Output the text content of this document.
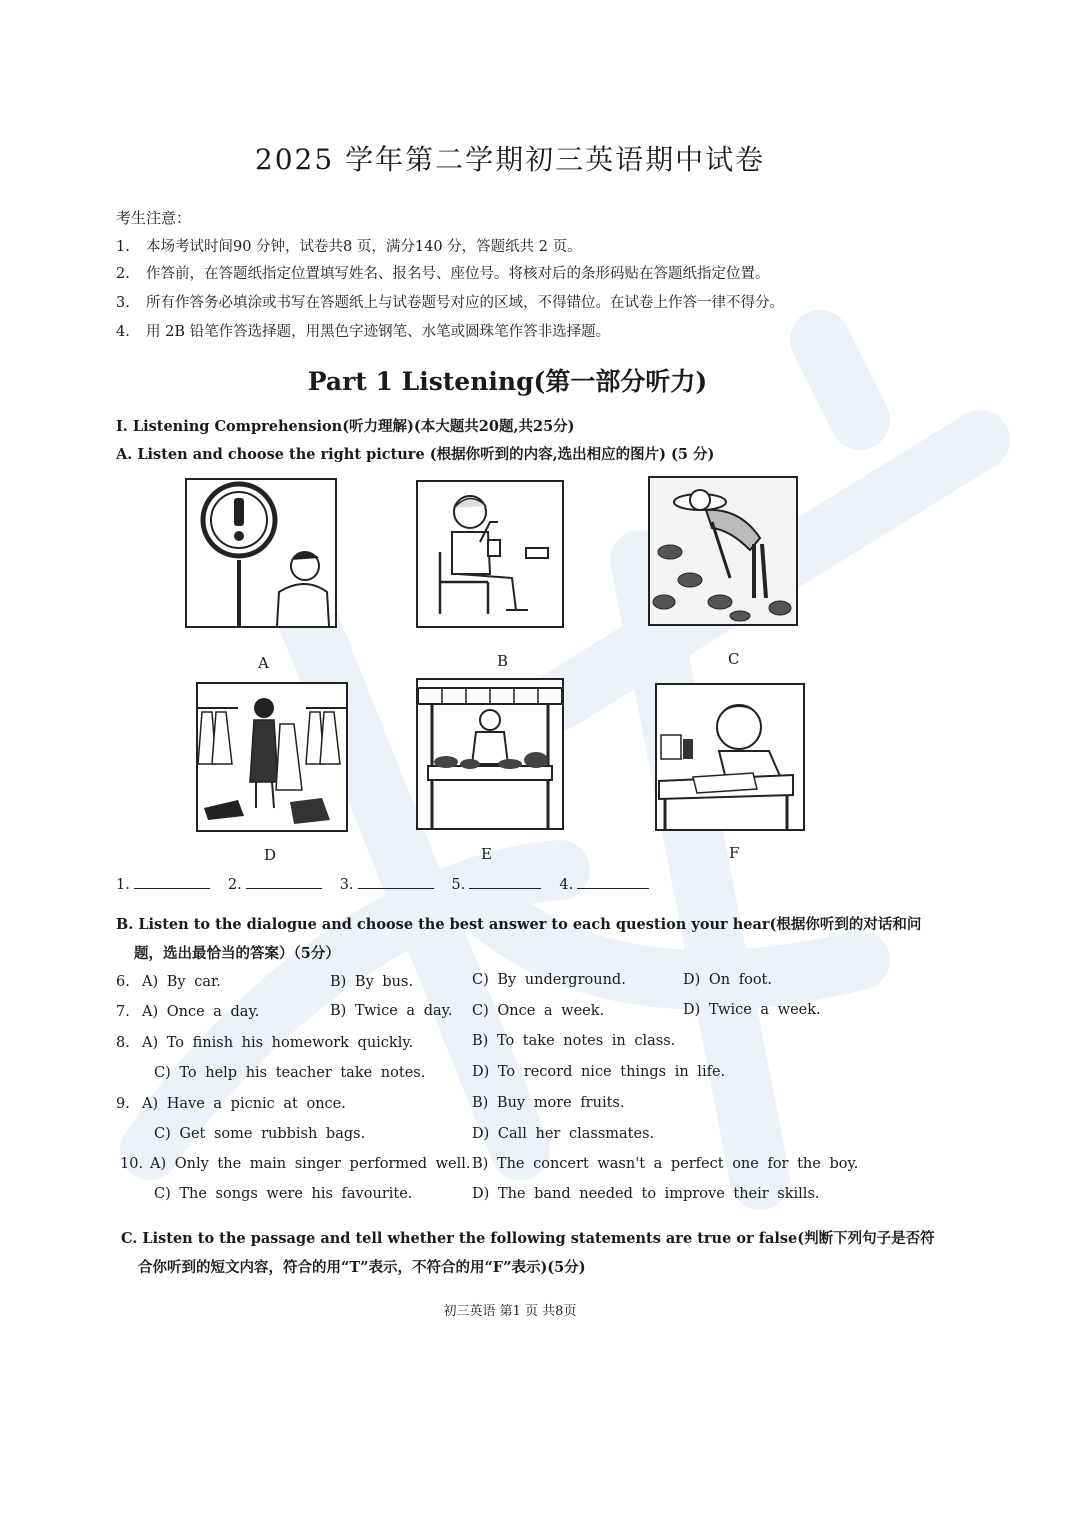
2025 学年第二学期初三英语期中试卷
考生注意：
1. 本场考试时间90 分钟，试卷共8 页，满分140 分，答题纸共 2 页。
2. 作答前，在答题纸指定位置填写姓名、报名号、座位号。将核对后的条形码贴在答题纸指定位置。
3. 所有作答务必填涂或书写在答题纸上与试卷题号对应的区域，不得错位。在试卷上作答一律不得分。
4. 用 2B 铅笔作答选择题，用黑色字迹钢笔、水笔或圆珠笔作答非选择题。
Part 1 Listening(第一部分听力)
I. Listening Comprehension(听力理解)(本大题共20题,共25分)
A. Listen and choose the right picture (根据你听到的内容,选出相应的图片) (5 分)
A	B	C
D	E	F
1.	2.	3.	5.	4.
B. Listen to the dialogue and choose the best answer to each question your hear(根据你听到的对话和问
题，选出最恰当的答案）（5分）
6. A) By car.	B) By bus.	C) By underground.	D) On foot.
7. A) Once a day.	B) Twice a day. C) Once a week.	D) Twice a week.
8. A) To finish his homework quickly.	B) To take notes in class.
C) To help his teacher take notes.	D) To record nice things in life.
9. A) Have a picnic at once.	B) Buy more fruits.
C) Get some rubbish bags.	D) Call her classmates.
10. A) Only the main singer performed well. B) The concert wasn't a perfect one for the boy.
C) The songs were his favourite.	D) The band needed to improve their skills.
C. Listen to the passage and tell whether the following statements are true or false(判断下列句子是否符
合你听到的短文内容，符合的用“T”表示，不符合的用“F”表示)(5分)
初三英语 第1 页 共8页
